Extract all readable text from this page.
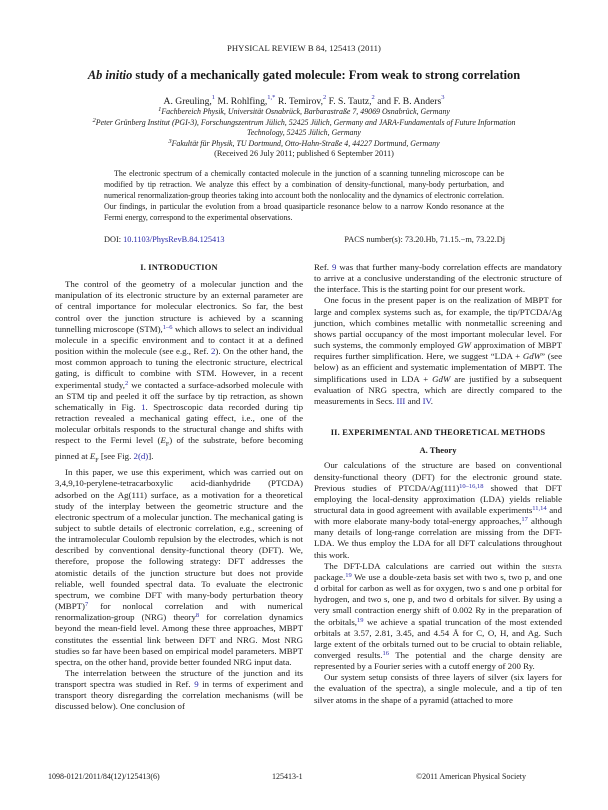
PHYSICAL REVIEW B 84, 125413 (2011)
Ab initio study of a mechanically gated molecule: From weak to strong correlation
A. Greuling,$^1$ M. Rohlfing,$^{1,*}$ R. Temirov,$^2$ F. S. Tautz,$^2$ and F. B. Anders$^3$
$^1$Fachbereich Physik, Universität Osnabrück, Barbarastraße 7, 49069 Osnabrück, Germany
$^2$Peter Grünberg Institut (PGI-3), Forschungszentrum Jülich, 52425 Jülich, Germany and JARA-Fundamentals of Future Information
Technology, 52425 Jülich, Germany
$^3$Fakultät für Physik, TU Dortmund, Otto-Hahn-Straße 4, 44227 Dortmund, Germany
(Received 26 July 2011; published 6 September 2011)
The electronic spectrum of a chemically contacted molecule in the junction of a scanning tunneling microscope can be modified by tip retraction. We analyze this effect by a combination of density-functional, many-body perturbation, and numerical renormalization-group theories taking into account both the nonlocality and the dynamics of electronic correlation. Our findings, in particular the evolution from a broad quasiparticle resonance below to a narrow Kondo resonance at the Fermi energy, correspond to the experimental observations.
DOI: 10.1103/PhysRevB.84.125413	PACS number(s): 73.20.Hb, 71.15.−m, 73.22.Dj
I. INTRODUCTION

The control of the geometry of a molecular junction and the manipulation of its electronic structure by an external parameter are of central importance for molecular electronics. So far, the best control over the junction structure is achieved by a scanning tunnelling microscope (STM),$^{1-6}$ which allows to select an individual molecule in a specific environment and to contact it at a defined position within the molecule (see e.g., Ref. 2). On the other hand, the most common approach to tuning the electronic structure, electrical gating, is difficult to combine with STM. However, in a recent experimental study,$^2$ we contacted a surface-adsorbed molecule with an STM tip and peeled it off the surface by tip retraction, as shown schematically in Fig. 1. Spectroscopic data recorded during tip retraction revealed a mechanical gating effect, i.e., one of the molecular orbitals responds to the structural change and shifts with respect to the Fermi level $(E_F)$ of the substrate, before becoming pinned at $E_F$ [see Fig. 2(d)].

In this paper, we use this experiment, which was carried out on 3,4,9,10-perylene-tetracarboxylic acid-dianhydride (PTCDA) adsorbed on the Ag(111) surface, as a motivation for a theoretical study of the interplay between the geometric structure and the electronic spectrum of a molecular junction. The mechanical gating is subject to subtle details of electronic correlation, e.g., screening of the intramolecular Coulomb repulsion by the electrodes, which is not described by conventional density-functional theory (DFT). We, therefore, propose the following strategy: DFT addresses the atomistic details of the junction structure but does not provide reliable, well founded spectral data. To evaluate the electronic spectrum, we combine DFT with many-body perturbation theory (MBPT)$^7$ for nonlocal correlation and with numerical renormalization-group (NRG) theory$^8$ for correlation dynamics beyond the mean-field level. Among these three approaches, MBPT constitutes the essential link between DFT and NRG. Most NRG studies so far have been based on empirical model parameters. MBPT spectra, on the other hand, provide better founded NRG input data.

The interrelation between the structure of the junction and its transport spectra was studied in Ref. 9 in terms of experiment and transport theory disregarding the correlation mechanisms (will be discussed below). One conclusion of

Ref. 9 was that further many-body correlation effects are mandatory to arrive at a conclusive understanding of the electronic structure of the interface. This is the starting point for our present work.

One focus in the present paper is on the realization of MBPT for large and complex systems such as, for example, the tip/PTCDA/Ag junction, which combines metallic with nonmetallic screening and shows partial occupancy of the most important molecular level. For such systems, the commonly employed GW approximation of MBPT requires further simplification. Here, we suggest “LDA + GdW” (see below) as an efficient and systematic implementation of MBPT. The simplifications used in LDA + GdW are justified by a subsequent evaluation of NRG spectra, which are directly compared to the measurements in Secs. III and IV.

II. EXPERIMENTAL AND THEORETICAL METHODS
A. Theory

Our calculations of the structure are based on conventional density-functional theory (DFT) for the electronic ground state. Previous studies of PTCDA/$Ag(111)^{10-16,18}$ showed that DFT employing the local-density approximation (LDA) yields reliable structural data in good agreement with available experiments$^{11,14}$ and with more elaborate many-body total-energy approaches,$^{17}$ although many details of long-range correlation are missing from the DFT-LDA. We thus employ the LDA for all DFT calculations throughout this work.

The DFT-LDA calculations are carried out within the siesta package.$^{19}$ We use a double-zeta basis set with two s, two p, and one d orbital for carbon as well as for oxygen, two s and one p orbital for hydrogen, and two s, one p, and two d orbitals for silver. By using a very small contraction energy shift of 0.002 Ry in the preparation of the orbitals,$^{19}$ we achieve a spatial truncation of the most extended orbitals at 3.57, 2.81, 3.45, and 4.54 Å for C, O, H, and Ag. Such large extent of the orbitals turned out to be crucial to obtain reliable, converged results.$^{16}$ The potential and the charge density are represented by a Fourier series with a cutoff energy of 200 Ry.

Our system setup consists of three layers of silver (six layers for the evaluation of the spectra), a single molecule, and a tip of ten silver atoms in the shape of a pyramid (attached to more

1098-0121/2011/84(12)/125413(6)	125413-1	©2011 American Physical Society
